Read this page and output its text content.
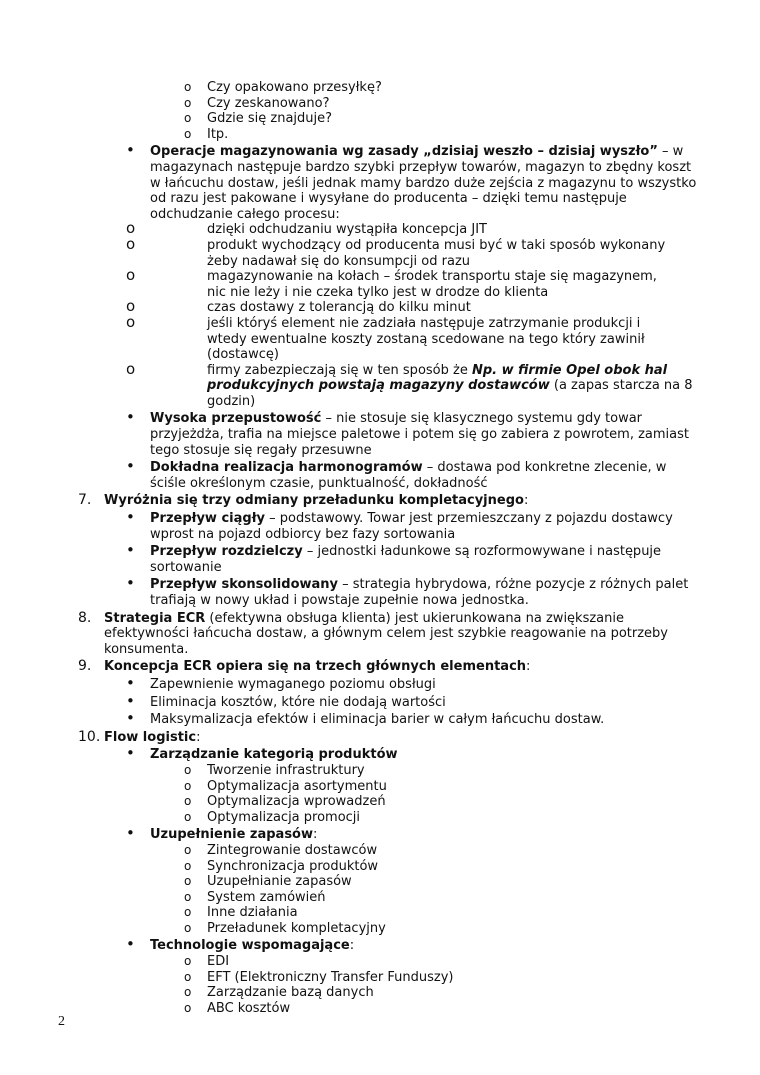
o Czy opakowano przesyłkę?
o Czy zeskanowano?
o Gdzie się znajduje?
o Itp.
• Operacje magazynowania wg zasady „dzisiaj weszło – dzisiaj wyszło” – w magazynach następuje bardzo szybki przepływ towarów, magazyn to zbędny koszt w łańcuchu dostaw, jeśli jednak mamy bardzo duże zejścia z magazynu to wszystko od razu jest pakowane i wysyłane do producenta – dzięki temu następuje odchudzanie całego procesu:
o	dzięki odchudzaniu wystąpiła koncepcja JIT
o	produkt wychodzący od producenta musi być w taki sposób wykonany żeby nadawał się do konsumpcji od razu
o	magazynowanie na kołach – środek transportu staje się magazynem, nic nie leży i nie czeka tylko jest w drodze do klienta
o	czas dostawy z tolerancją do kilku minut
o	jeśli któryś element nie zadziała następuje zatrzymanie produkcji i wtedy ewentualne koszty zostaną scedowane na tego który zawinił (dostawcę)
o	firmy zabezpieczają się w ten sposób że Np. w firmie Opel obok hal produkcyjnych powstają magazyny dostawców (a zapas starcza na 8 godzin)
• Wysoka przepustowość – nie stosuje się klasycznego systemu gdy towar przyjeżdża, trafia na miejsce paletowe i potem się go zabiera z powrotem, zamiast tego stosuje się regały przesuwne
• Dokładna realizacja harmonogramów – dostawa pod konkretne zlecenie, w ściśle określonym czasie, punktualność, dokładność
7. Wyróżnia się trzy odmiany przeładunku kompletacyjnego:
• Przepływ ciągły – podstawowy. Towar jest przemieszczany z pojazdu dostawcy wprost na pojazd odbiorcy bez fazy sortowania
• Przepływ rozdzielczy – jednostki ładunkowe są rozformowywane i następuje sortowanie
• Przepływ skonsolidowany – strategia hybrydowa, różne pozycje z różnych palet trafiają w nowy układ i powstaje zupełnie nowa jednostka.
8. Strategia ECR (efektywna obsługa klienta) jest ukierunkowana na zwiększanie efektywności łańcucha dostaw, a głównym celem jest szybkie reagowanie na potrzeby konsumenta.
9. Koncepcja ECR opiera się na trzech głównych elementach:
• Zapewnienie wymaganego poziomu obsługi
• Eliminacja kosztów, które nie dodają wartości
• Maksymalizacja efektów i eliminacja barier w całym łańcuchu dostaw.
10. Flow logistic:
• Zarządzanie kategorią produktów
o Tworzenie infrastruktury
o Optymalizacja asortymentu
o Optymalizacja wprowadzeń
o Optymalizacja promocji
• Uzupełnienie zapasów:
o Zintegrowanie dostawców
o Synchronizacja produktów
o Uzupełnianie zapasów
o System zamówień
o Inne działania
o Przeładunek kompletacyjny
• Technologie wspomagające:
o EDI
o EFT (Elektroniczny Transfer Funduszy)
o Zarządzanie bazą danych
o ABC kosztów
2
